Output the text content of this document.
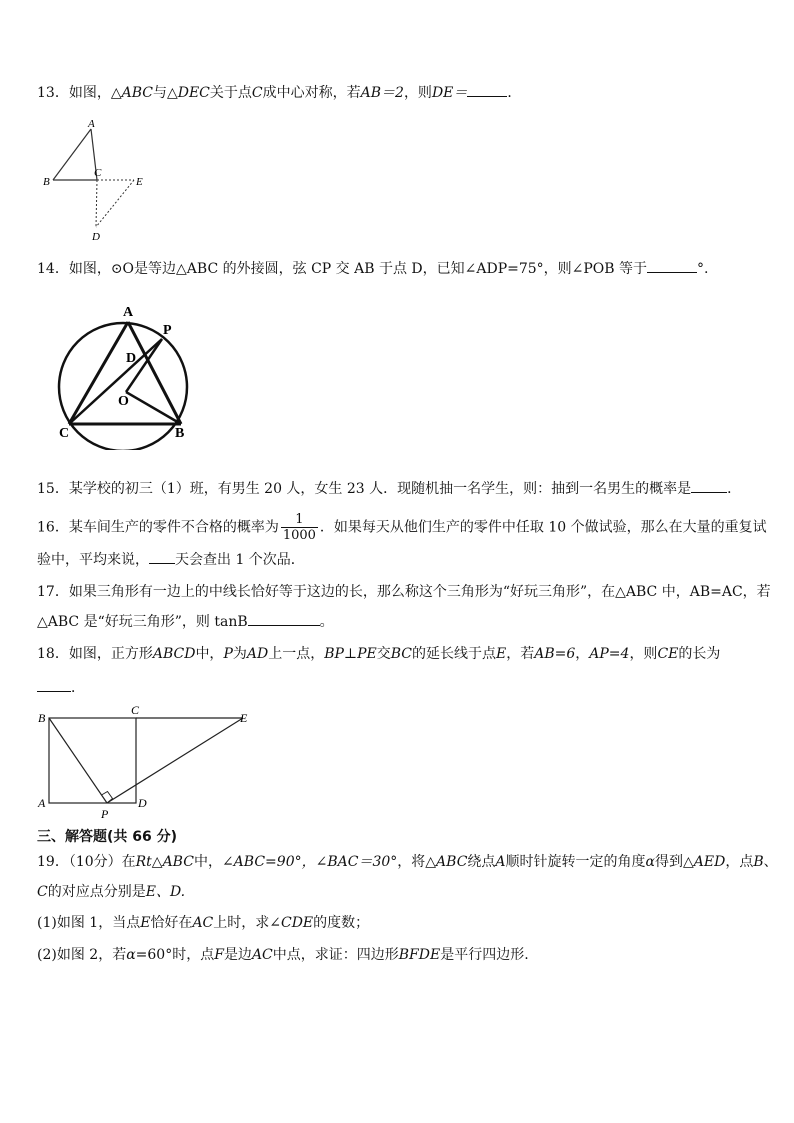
13．如图，△ABC与△DEC关于点C成中心对称，若AB＝2，则DE＝	．
A
B
C
E
D
14．如图，⊙O是等边△ABC 的外接圆，弦 CP 交 AB 于点 D，已知∠ADP=75°，则∠POB 等于	°.
A
P
D
O
C	B
15．某学校的初三（1）班，有男生 20 人，女生 23 人．现随机抽一名学生，则：抽到一名男生的概率是	．
16．某车间生产的零件不合格的概率为 $\frac{1}{1000}$ ．如果每天从他们生产的零件中任取 10 个做试验，那么在大量的重复试
验中，平均来说， 天会查出 1 个次品．
17．如果三角形有一边上的中线长恰好等于这边的长，那么称这个三角形为“好玩三角形”，在△ABC 中，AB=AC，若
△ABC 是“好玩三角形”，则 tanB	。
18．如图，正方形ABCD中，P为AD上一点，BP⊥PE交BC的延长线于点E，若AB=6，AP=4，则CE的长为
．
B
C
E
A	D
P
三、解答题(共 66 分)
19．（10分）在Rt△ABC中，∠ABC=90°，∠BAC＝30°，将△ABC绕点A顺时针旋转一定的角度α得到△AED，点B、
C的对应点分别是E、D.
(1)如图 1，当点E恰好在AC上时，求∠CDE的度数；
(2)如图 2，若α=60°时，点F是边AC中点，求证：四边形BFDE是平行四边形.
